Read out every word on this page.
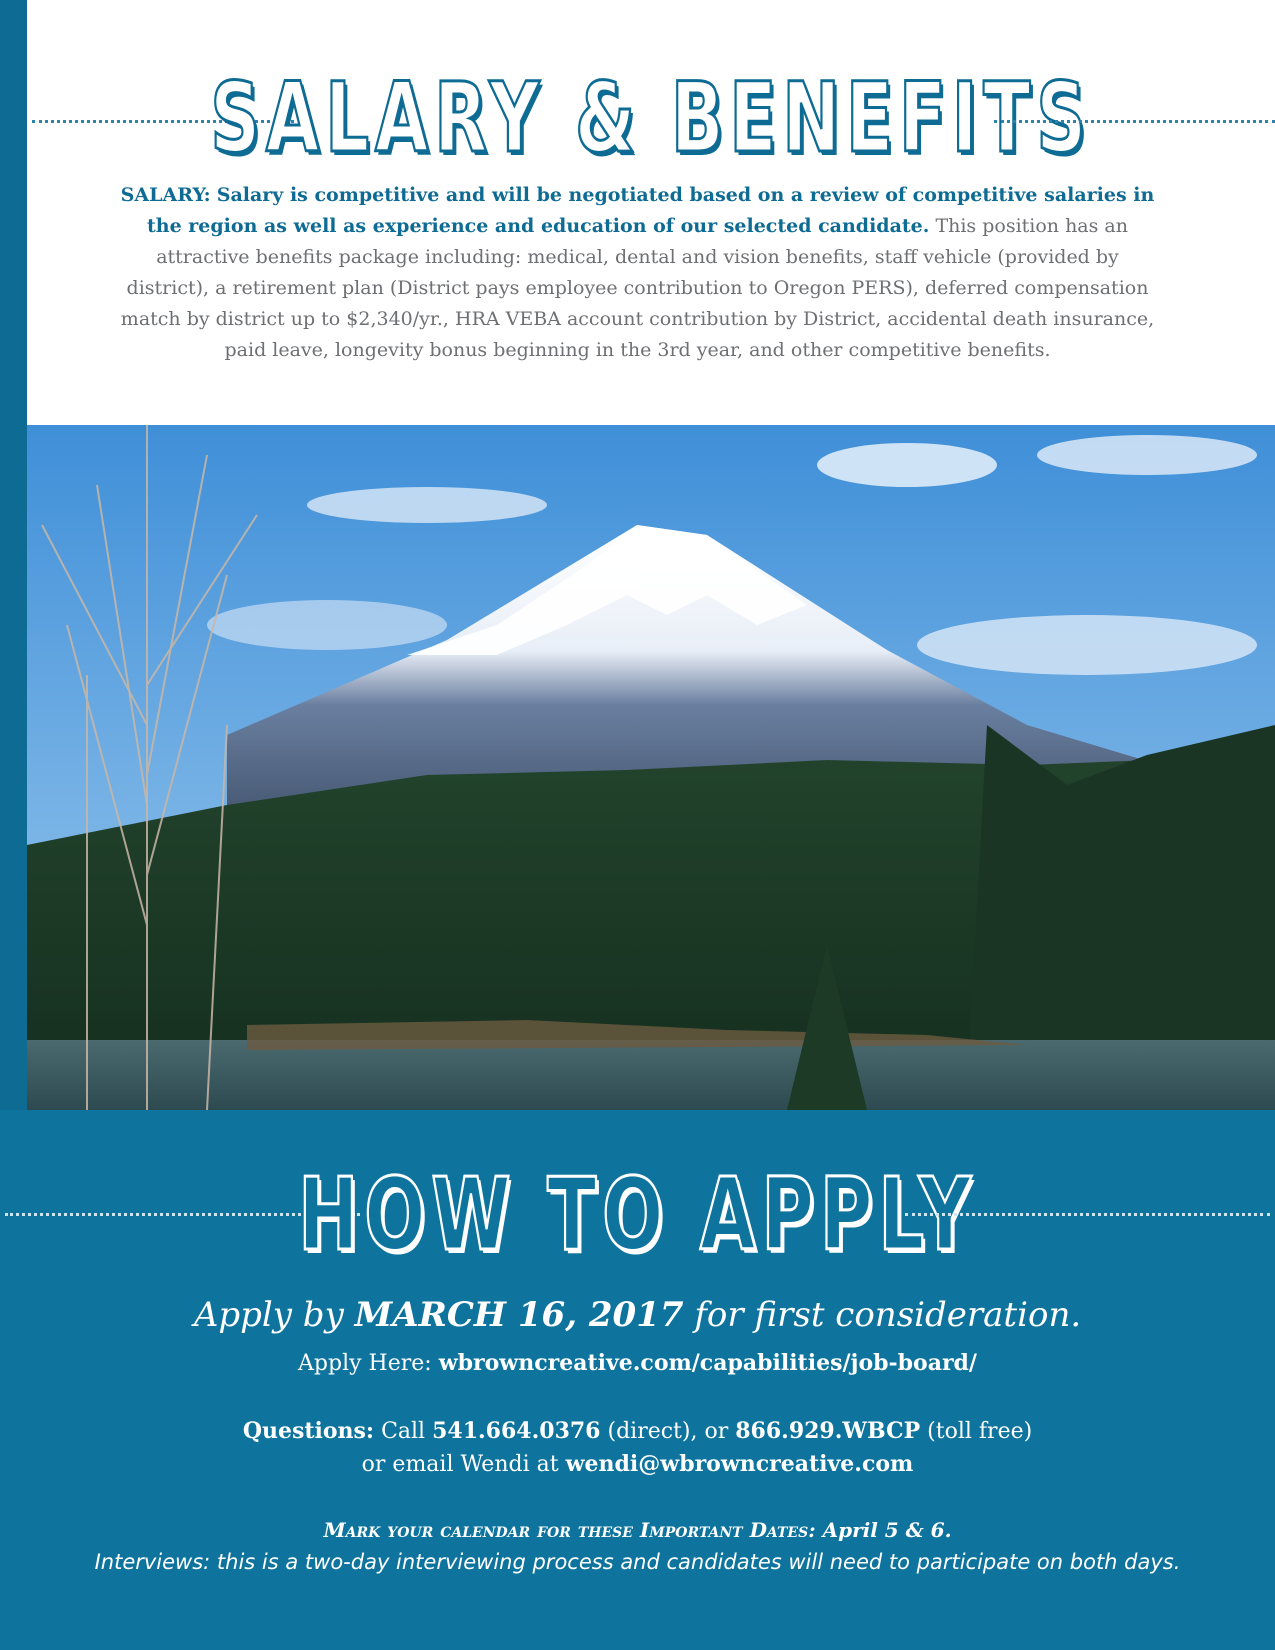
SALARY & BENEFITS
SALARY: Salary is competitive and will be negotiated based on a review of competitive salaries in the region as well as experience and education of our selected candidate. This position has an attractive benefits package including: medical, dental and vision benefits, staff vehicle (provided by district), a retirement plan (District pays employee contribution to Oregon PERS), deferred compensation match by district up to $2,340/yr., HRA VEBA account contribution by District, accidental death insurance, paid leave, longevity bonus beginning in the 3rd year, and other competitive benefits.
HOW TO APPLY
Apply by MARCH 16, 2017 for first consideration.
Apply Here: wbrowncreative.com/capabilities/job-board/
Questions: Call 541.664.0376 (direct), or 866.929.WBCP (toll free)
or email Wendi at wendi@wbrowncreative.com
Mark your calendar for these Important Dates: April 5 & 6.
Interviews: this is a two-day interviewing process and candidates will need to participate on both days.
